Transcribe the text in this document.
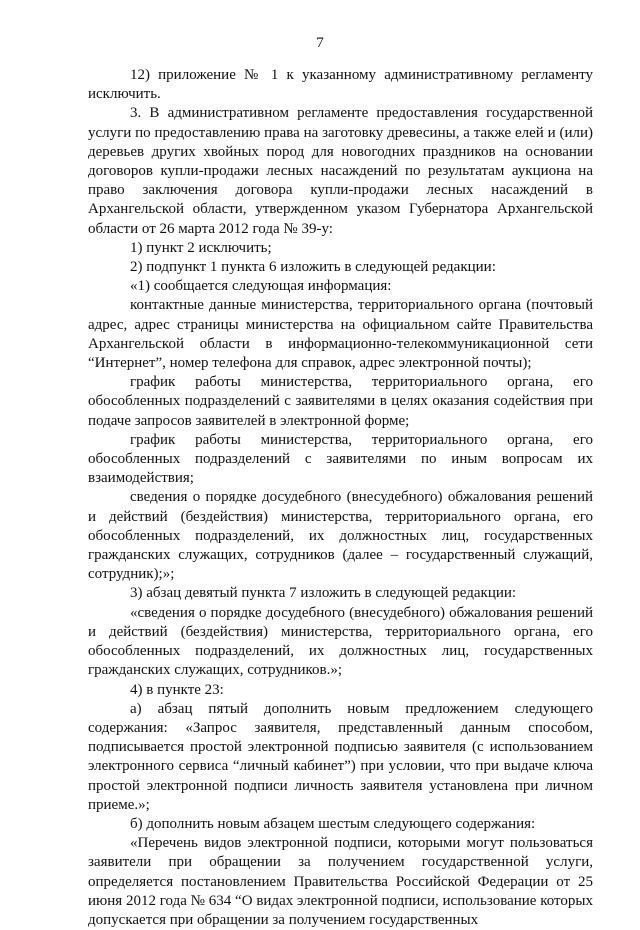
7

12) приложение № 1 к указанному административному регламенту исключить.

3. В административном регламенте предоставления государственной услуги по предоставлению права на заготовку древесины, а также елей и (или) деревьев других хвойных пород для новогодних праздников на основании договоров купли-продажи лесных насаждений по результатам аукциона на право заключения договора купли-продажи лесных насаждений в Архангельской области, утвержденном указом Губернатора Архангельской области от 26 марта 2012 года № 39-у:

1) пункт 2 исключить;

2) подпункт 1 пункта 6 изложить в следующей редакции:

«1) сообщается следующая информация:

контактные данные министерства, территориального органа (почтовый адрес, адрес страницы министерства на официальном сайте Правительства Архангельской области в информационно-телекоммуникационной сети “Интернет”, номер телефона для справок, адрес электронной почты);

график работы министерства, территориального органа, его обособленных подразделений с заявителями в целях оказания содействия при подаче запросов заявителей в электронной форме;

график работы министерства, территориального органа, его обособленных подразделений с заявителями по иным вопросам их взаимодействия;

сведения о порядке досудебного (внесудебного) обжалования решений и действий (бездействия) министерства, территориального органа, его обособленных подразделений, их должностных лиц, государственных гражданских служащих, сотрудников (далее – государственный служащий, сотрудник);»;

3) абзац девятый пункта 7 изложить в следующей редакции:

«сведения о порядке досудебного (внесудебного) обжалования решений и действий (бездействия) министерства, территориального органа, его обособленных подразделений, их должностных лиц, государственных гражданских служащих, сотрудников.»;

4) в пункте 23:

а) абзац пятый дополнить новым предложением следующего содержания: «Запрос заявителя, представленный данным способом, подписывается простой электронной подписью заявителя (с использованием электронного сервиса “личный кабинет”) при условии, что при выдаче ключа простой электронной подписи личность заявителя установлена при личном приеме.»;

б) дополнить новым абзацем шестым следующего содержания:

«Перечень видов электронной подписи, которыми могут пользоваться заявители при обращении за получением государственной услуги, определяется постановлением Правительства Российской Федерации от 25 июня 2012 года № 634 “О видах электронной подписи, использование которых допускается при обращении за получением государственных
